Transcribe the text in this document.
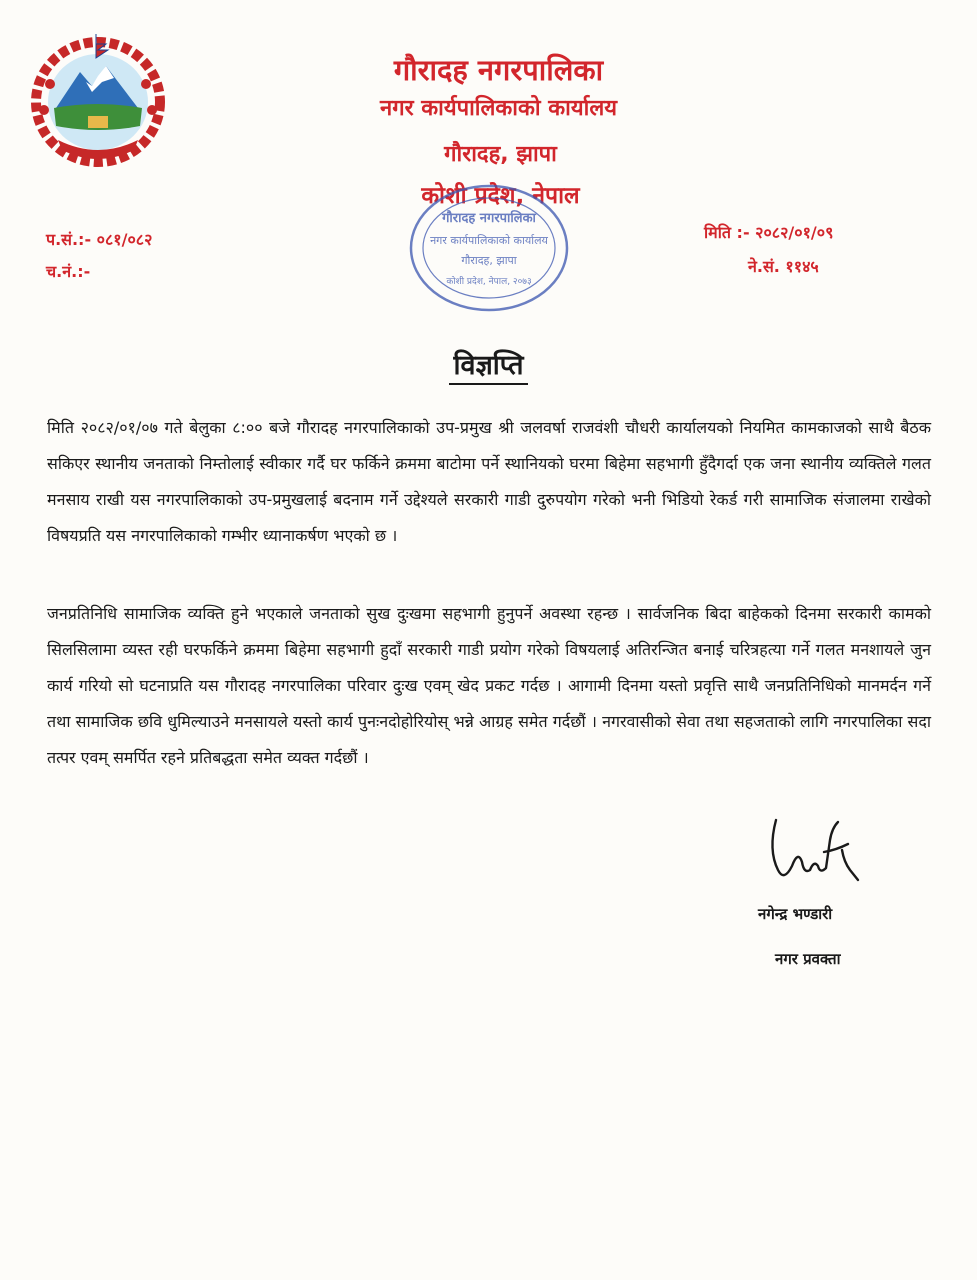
गौरादह नगरपालिका
नगर कार्यपालिकाको कार्यालय
गौरादह, झापा
कोशी प्रदेश, नेपाल
प.सं.:- ०८१/०८२
च.नं.:-
मिति :- २०८२/०१/०९
ने.सं. ११४५
गौरादह नगरपालिका
नगर कार्यपालिकाको कार्यालय
गौरादह, झापा
कोशी प्रदेश, नेपाल, २०७३
विज्ञप्ति

मिति २०८२/०१/०७ गते बेलुका ८:०० बजे गौरादह नगरपालिकाको उप-प्रमुख श्री जलवर्षा राजवंशी चौधरी कार्यालयको नियमित कामकाजको साथै बैठक सकिएर स्थानीय जनताको निम्तोलाई स्वीकार गर्दै घर फर्किने क्रममा बाटोमा पर्ने स्थानियको घरमा बिहेमा सहभागी हुँदैगर्दा एक जना स्थानीय व्यक्तिले गलत मनसाय राखी यस नगरपालिकाको उप-प्रमुखलाई बदनाम गर्ने उद्देश्यले सरकारी गाडी दुरुपयोग गरेको भनी भिडियो रेकर्ड गरी सामाजिक संजालमा राखेको विषयप्रति यस नगरपालिकाको गम्भीर ध्यानाकर्षण भएको छ ।

जनप्रतिनिधि सामाजिक व्यक्ति हुने भएकाले जनताको सुख दुःखमा सहभागी हुनुपर्ने अवस्था रहन्छ । सार्वजनिक बिदा बाहेकको दिनमा सरकारी कामको सिलसिलामा व्यस्त रही घरफर्किने क्रममा बिहेमा सहभागी हुदाँ सरकारी गाडी प्रयोग गरेको विषयलाई अतिरन्जित बनाई चरित्रहत्या गर्ने गलत मनशायले जुन कार्य गरियो सो घटनाप्रति यस गौरादह नगरपालिका परिवार दुःख एवम् खेद प्रकट गर्दछ । आगामी दिनमा यस्तो प्रवृत्ति साथै जनप्रतिनिधिको मानमर्दन गर्ने तथा सामाजिक छवि धुमिल्याउने मनसायले यस्तो कार्य पुनःनदोहोरियोस् भन्ने आग्रह समेत गर्दछौं । नगरवासीको सेवा तथा सहजताको लागि नगरपालिका सदा तत्पर एवम् समर्पित रहने प्रतिबद्धता समेत व्यक्त गर्दछौं ।

नगेन्द्र भण्डारी
नगर प्रवक्ता
